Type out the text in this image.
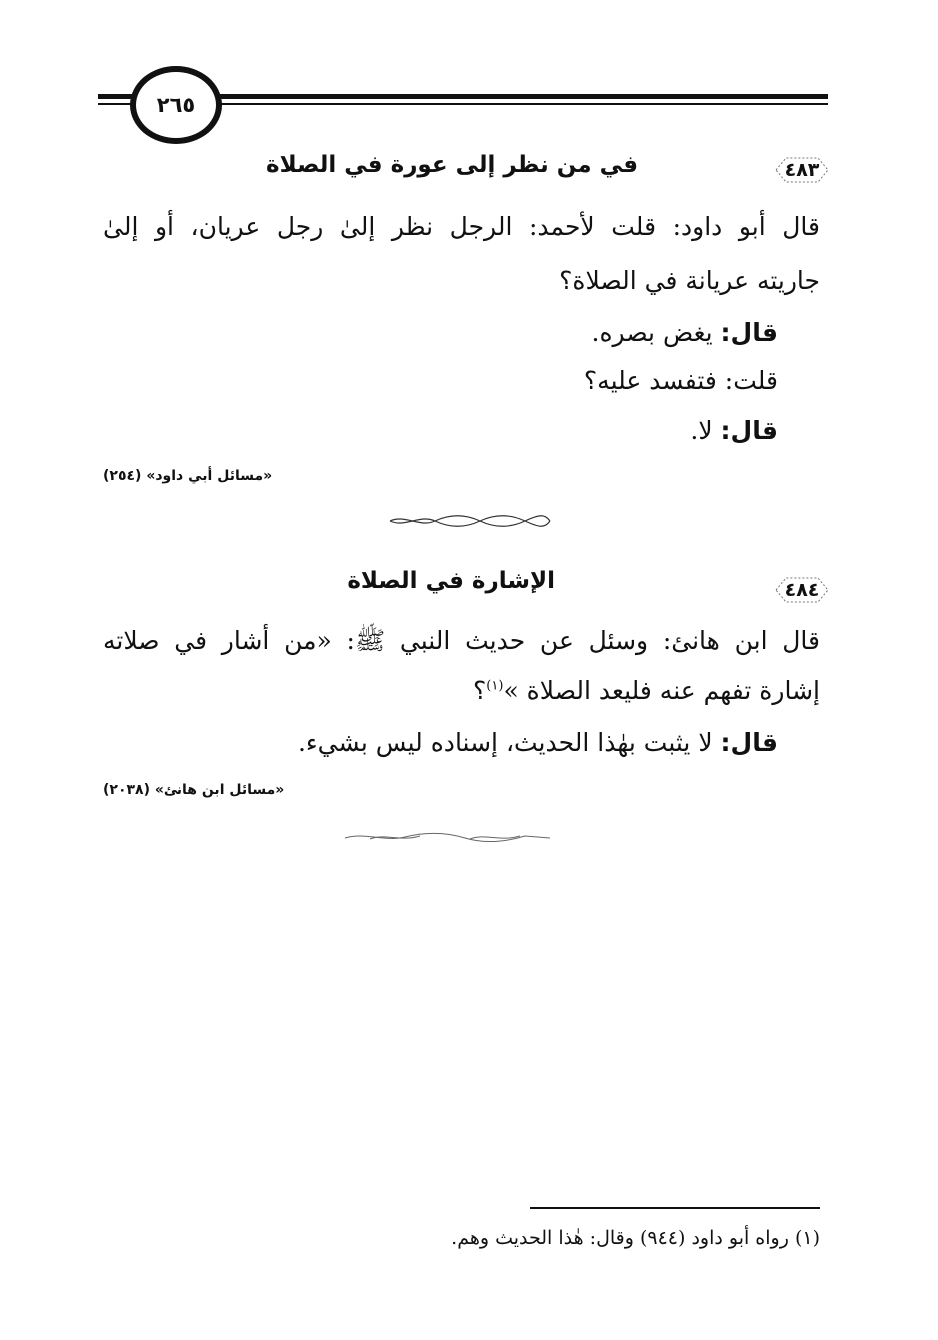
٢٦٥
٤٨٣
في من نظر إلى عورة في الصلاة
قال أبو داود: قلت لأحمد: الرجل نظر إلىٰ رجل عريان، أو إلىٰ
جاريته عريانة في الصلاة؟
قال: يغض بصره.
قلت: فتفسد عليه؟
قال: لا.
«مسائل أبي داود» (٢٥٤)
٤٨٤
الإشارة في الصلاة
قال ابن هانئ: وسئل عن حديث النبي ﷺ: «من أشار في صلاته
إشارة تفهم عنه فليعد الصلاة »$^{(١)}$؟
قال: لا يثبت بهٰذا الحديث، إسناده ليس بشيء.
«مسائل ابن هانئ» (٢٠٣٨)
(١) رواه أبو داود (٩٤٤) وقال: هٰذا الحديث وهم.
